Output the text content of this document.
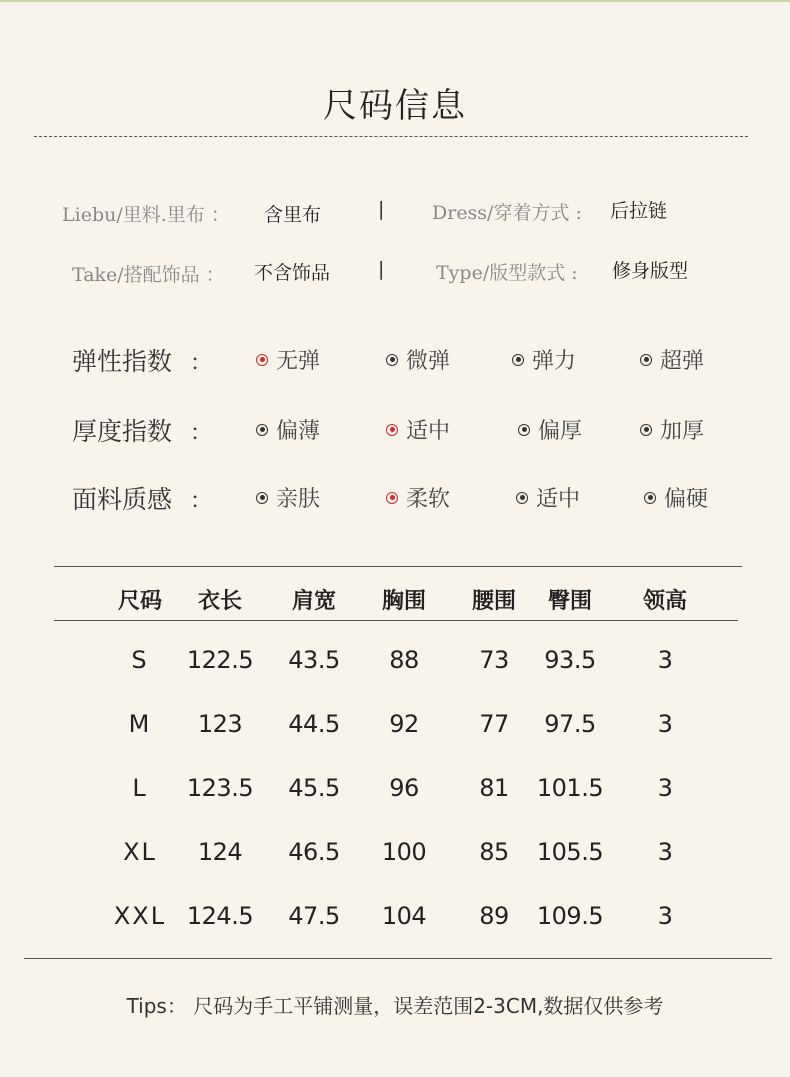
尺码信息
Liebu/里料.里布 ： 含里布	|	Dress/穿着方式 : 后拉链
Take/搭配饰品 ： 不含饰品	|	Type/版型款式 : 修身版型
弹性指数 ：	无弹	微弹	弹力	超弹
厚度指数 ：	偏薄	适中	偏厚	加厚
面料质感 ：	亲肤	柔软	适中	偏硬
尺码	衣长	肩宽	胸围	腰围	臀围	领高
S	122.5	43.5	88	73	93.5	3
M	123	44.5	92	77	97.5	3
L	123.5	45.5	96	81	101.5	3
XL	124	46.5	100	85	105.5	3
XXL 124.5	47.5	104	89	109.5	3
Tips： 尺码为手工平铺测量，误差范围2-3CM,数据仅供参考
